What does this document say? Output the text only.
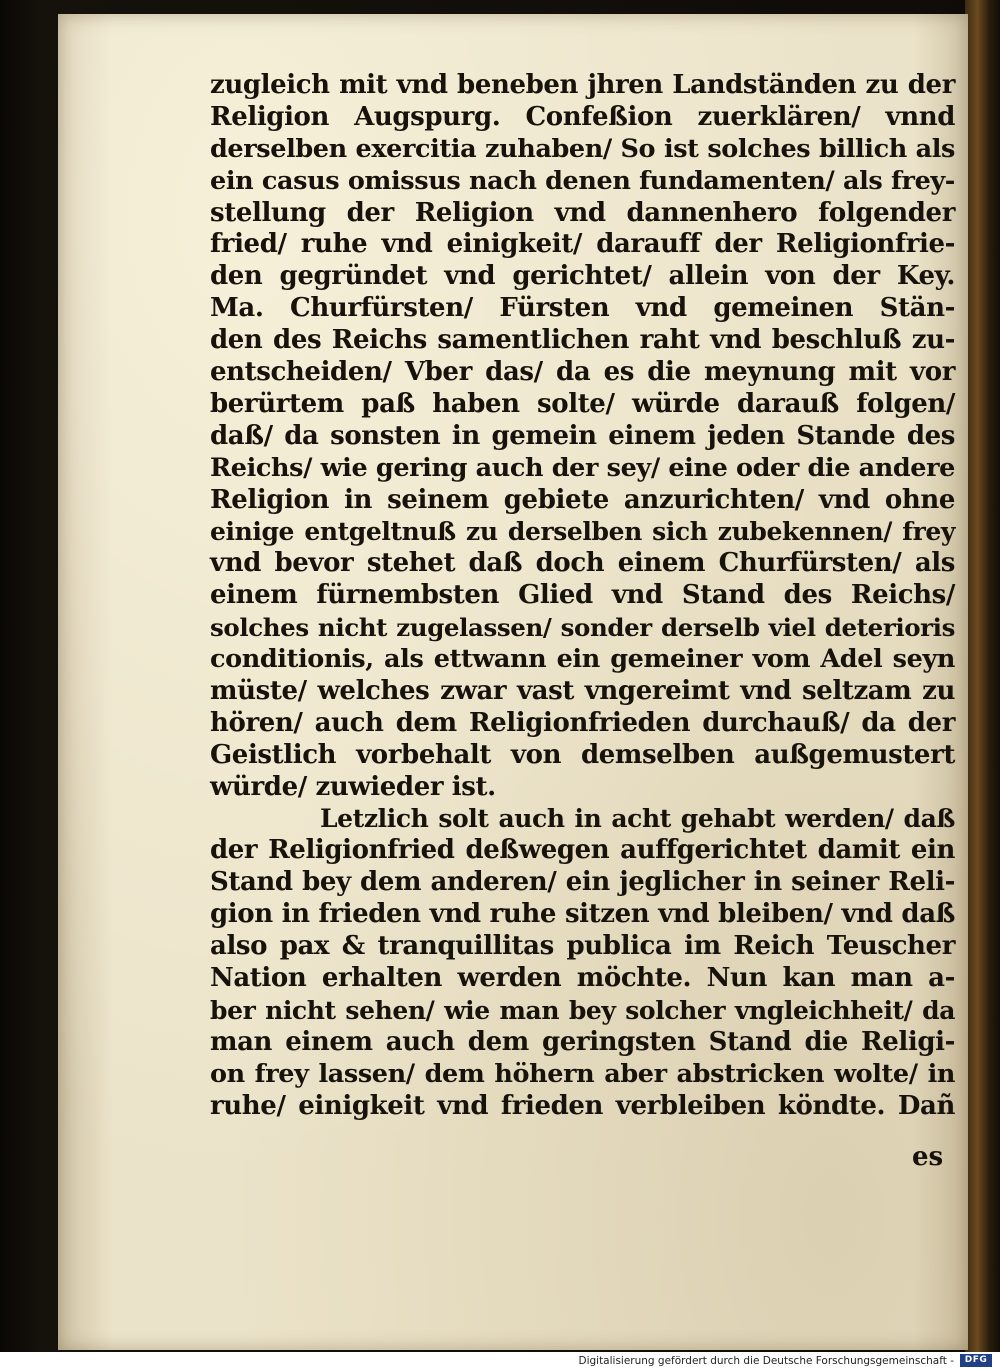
zugleich mit vnd beneben jhren Landständen zu der
Religion Augspurg. Confeßion zuerklären/ vnnd
derselben exercitia zuhaben/ So ist solches billich als
ein casus omissus nach denen fundamenten/ als frey-
stellung der Religion vnd dannenhero folgender
fried/ ruhe vnd einigkeit/ darauff der Religionfrie-
den gegründet vnd gerichtet/ allein von der Key.
Ma. Churfürsten/ Fürsten vnd gemeinen Stän-
den des Reichs samentlichen raht vnd beschluß zu-
entscheiden/ Vber das/ da es die meynung mit vor
berürtem paß haben solte/ würde darauß folgen/
daß/ da sonsten in gemein einem jeden Stande des
Reichs/ wie gering auch der sey/ eine oder die andere
Religion in seinem gebiete anzurichten/ vnd ohne
einige entgeltnuß zu derselben sich zubekennen/ frey
vnd bevor stehet daß doch einem Churfürsten/ als
einem fürnembsten Glied vnd Stand des Reichs/
solches nicht zugelassen/ sonder derselb viel deterioris
conditionis, als ettwann ein gemeiner vom Adel seyn
müste/ welches zwar vast vngereimt vnd seltzam zu
hören/ auch dem Religionfrieden durchauß/ da der
Geistlich vorbehalt von demselben außgemustert
würde/ zuwieder ist.
Letzlich solt auch in acht gehabt werden/ daß
der Religionfried deßwegen auffgerichtet damit ein
Stand bey dem anderen/ ein jeglicher in seiner Reli-
gion in frieden vnd ruhe sitzen vnd bleiben/ vnd daß
also pax & tranquillitas publica im Reich Teuscher
Nation erhalten werden möchte. Nun kan man a-
ber nicht sehen/ wie man bey solcher vngleichheit/ da
man einem auch dem geringsten Stand die Religi-
on frey lassen/ dem höhern aber abstricken wolte/ in
ruhe/ einigkeit vnd frieden verbleiben köndte. Dañ
es
Digitalisierung gefördert durch die Deutsche Forschungsgemeinschaft -	DFG
